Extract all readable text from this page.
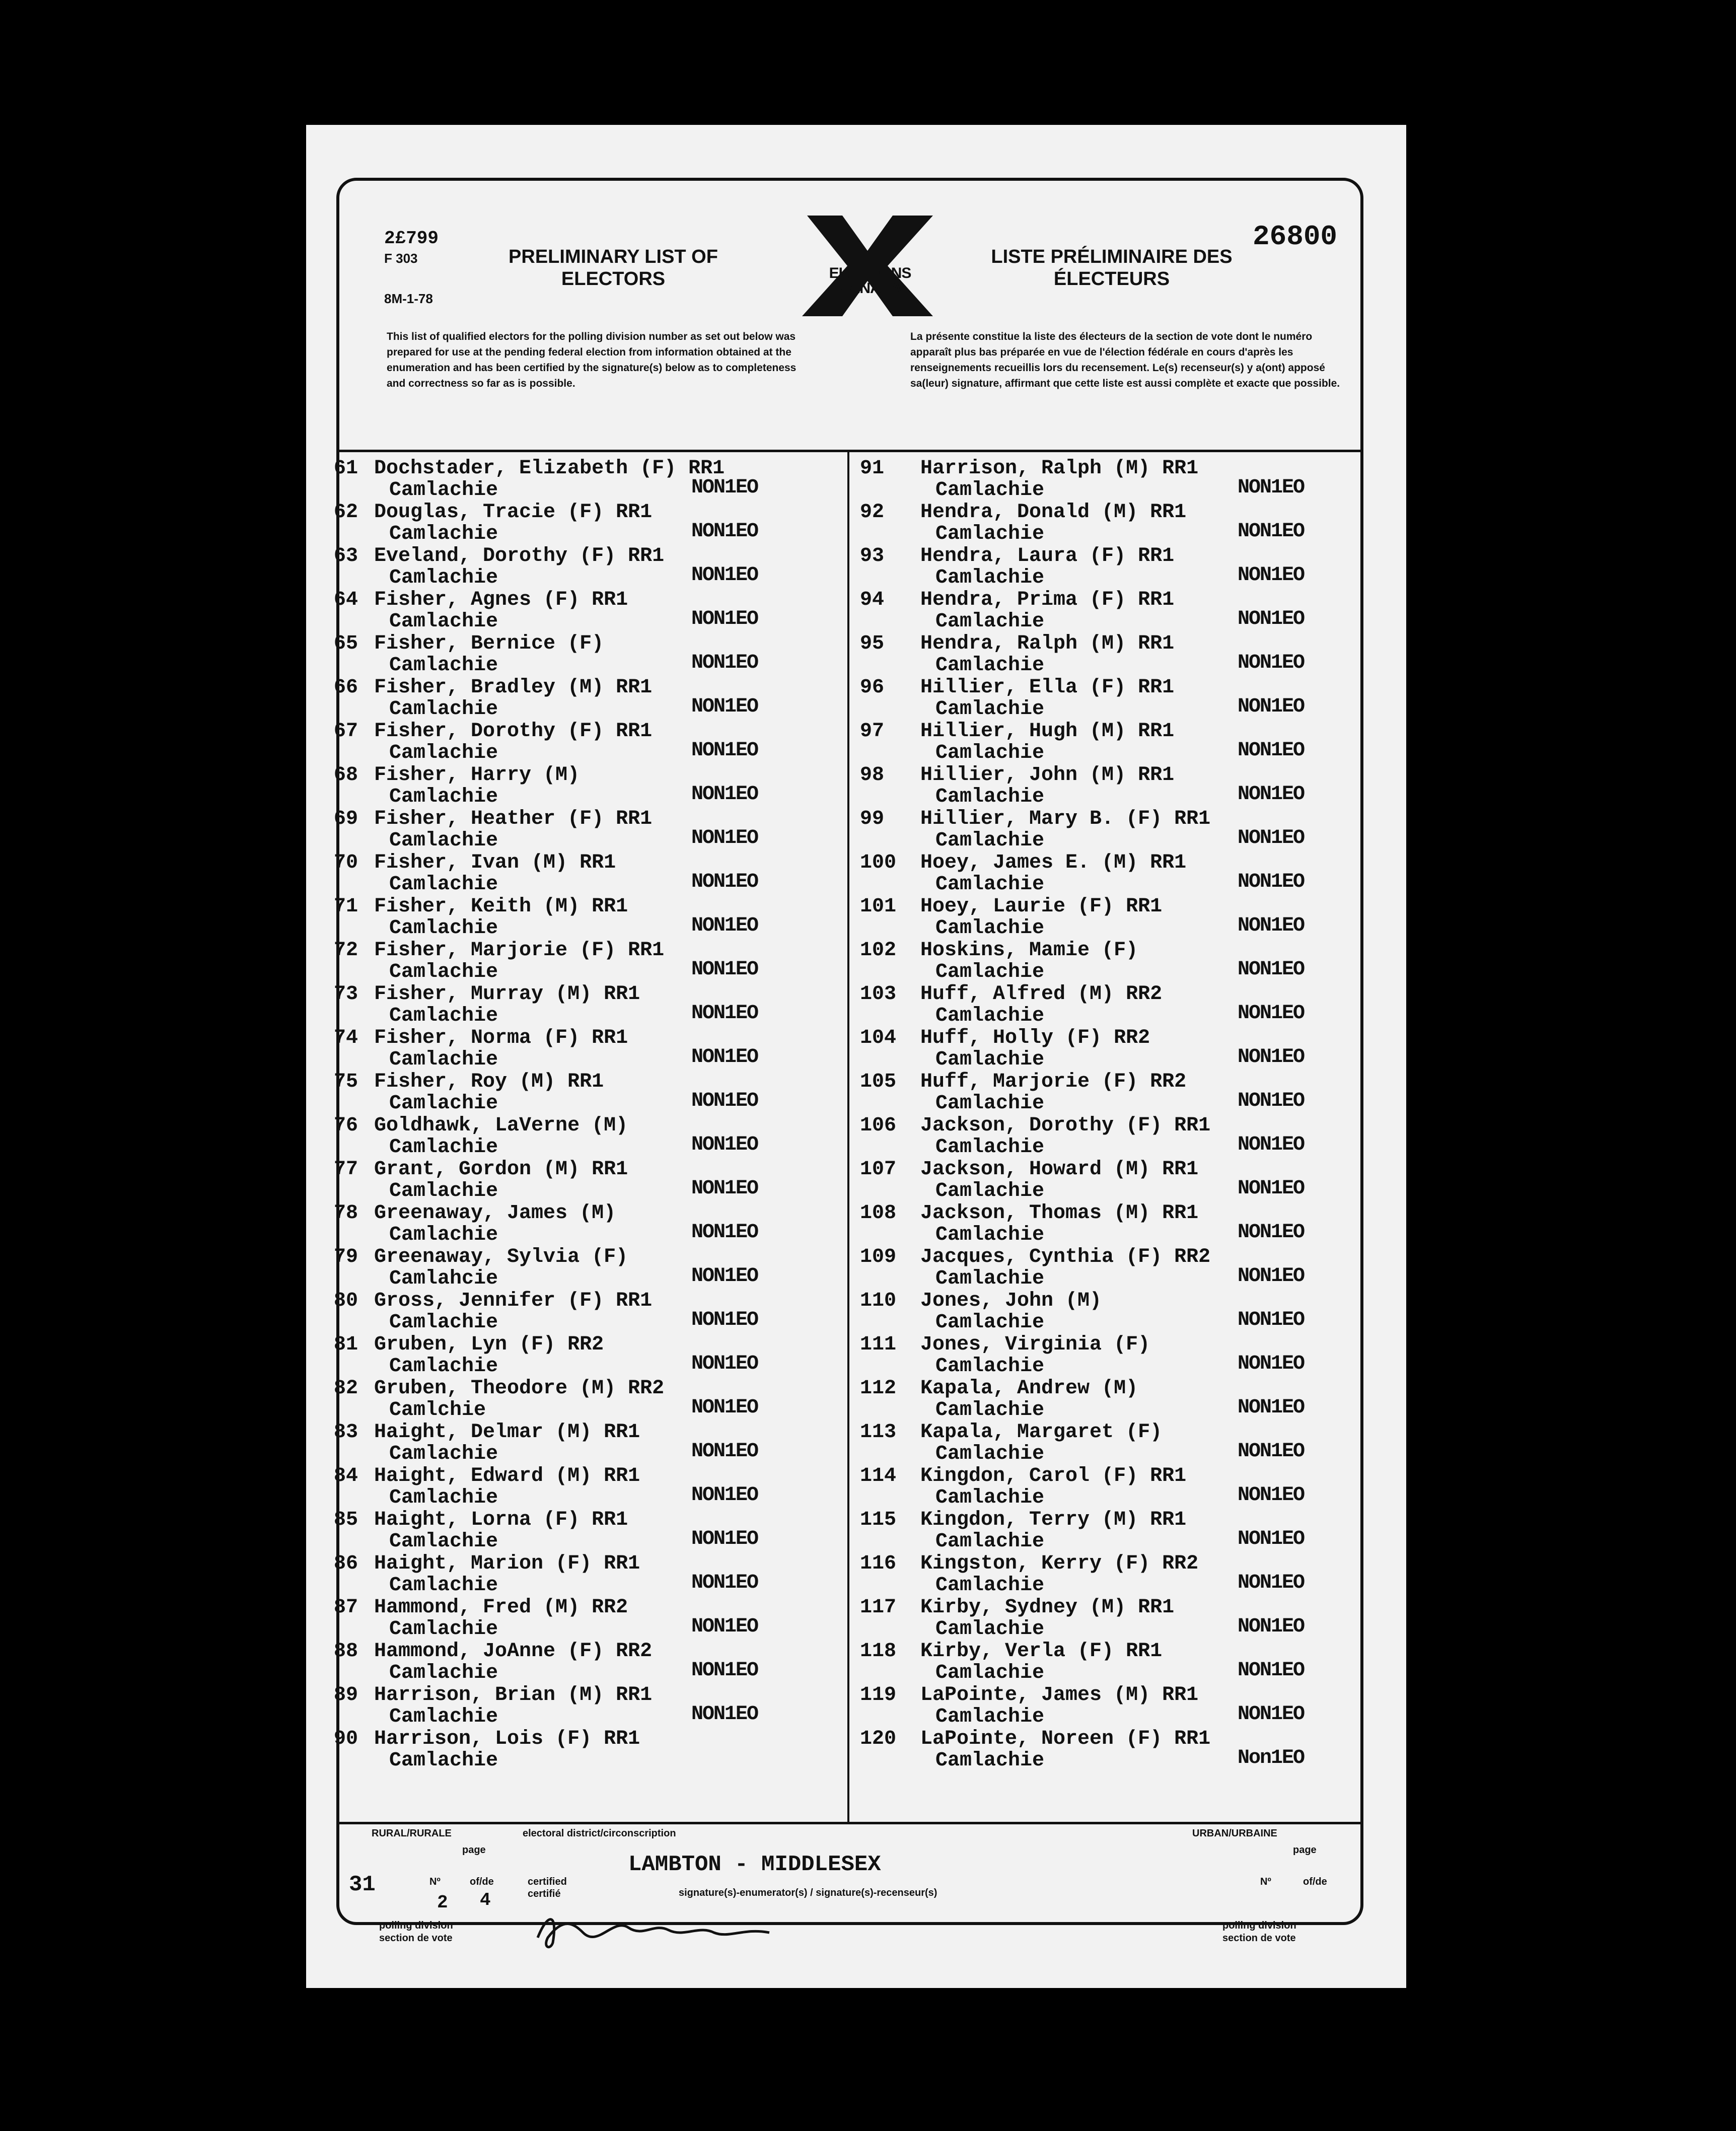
2£799
F 303
8M-1-78
PRELIMINARY LIST OF
ELECTORS	ELECTIONS
CANADA
LISTE PRÉLIMINAIRE DES
ÉLECTEURS
26800
This list of qualified electors for the polling division number as set out below was prepared for use at the pending federal election from information obtained at the enumeration and has been certified by the signature(s) below as to completeness and correctness so far as is possible.
La présente constitue la liste des électeurs de la section de vote dont le numéro apparaît plus bas préparée en vue de l'élection fédérale en cours d'après les renseignements recueillis lors du recensement. Le(s) recenseur(s) y a(ont) apposé sa(leur) signature, affirmant que cette liste est aussi complète et exacte que possible.
61 Dochstader, Elizabeth (F) RR1
Camlachie	NON1EO
62 Douglas, Tracie (F) RR1
Camlachie	NON1EO
63 Eveland, Dorothy (F) RR1
Camlachie	NON1EO
64 Fisher, Agnes (F) RR1
Camlachie	NON1EO
65 Fisher, Bernice (F)
Camlachie	NON1EO
66 Fisher, Bradley (M) RR1
Camlachie	NON1EO
67 Fisher, Dorothy (F) RR1
Camlachie	NON1EO
68 Fisher, Harry (M)
Camlachie	NON1EO
69 Fisher, Heather (F) RR1
Camlachie	NON1EO
70 Fisher, Ivan (M) RR1
Camlachie	NON1EO
71 Fisher, Keith (M) RR1
Camlachie	NON1EO
72 Fisher, Marjorie (F) RR1
Camlachie	NON1EO
73 Fisher, Murray (M) RR1
Camlachie	NON1EO
74 Fisher, Norma (F) RR1
Camlachie	NON1EO
75 Fisher, Roy (M) RR1
Camlachie	NON1EO
76 Goldhawk, LaVerne (M)
Camlachie	NON1EO
77 Grant, Gordon (M) RR1
Camlachie	NON1EO
78 Greenaway, James (M)
Camlachie	NON1EO
79 Greenaway, Sylvia (F)
Camlahcie	NON1EO
80 Gross, Jennifer (F) RR1
Camlachie	NON1EO
81 Gruben, Lyn (F) RR2
Camlachie	NON1EO
82 Gruben, Theodore (M) RR2
Camlchie	NON1EO
83 Haight, Delmar (M) RR1
Camlachie	NON1EO
84 Haight, Edward (M) RR1
Camlachie	NON1EO
85 Haight, Lorna (F) RR1
Camlachie	NON1EO
86 Haight, Marion (F) RR1
Camlachie	NON1EO
87 Hammond, Fred (M) RR2
Camlachie	NON1EO
88 Hammond, JoAnne (F) RR2
Camlachie	NON1EO
89 Harrison, Brian (M) RR1
Camlachie	NON1EO
90 Harrison, Lois (F) RR1
Camlachie
91 Harrison, Ralph (M) RR1
Camlachie	NON1EO
92 Hendra, Donald (M) RR1
Camlachie	NON1EO
93 Hendra, Laura (F) RR1
Camlachie	NON1EO
94 Hendra, Prima (F) RR1
Camlachie	NON1EO
95 Hendra, Ralph (M) RR1
Camlachie	NON1EO
96 Hillier, Ella (F) RR1
Camlachie	NON1EO
97 Hillier, Hugh (M) RR1
Camlachie	NON1EO
98 Hillier, John (M) RR1
Camlachie	NON1EO
99 Hillier, Mary B. (F) RR1
Camlachie	NON1EO
100 Hoey, James E. (M) RR1
Camlachie	NON1EO
101 Hoey, Laurie (F) RR1
Camlachie	NON1EO
102 Hoskins, Mamie (F)
Camlachie	NON1EO
103 Huff, Alfred (M) RR2
Camlachie	NON1EO
104 Huff, Holly (F) RR2
Camlachie	NON1EO
105 Huff, Marjorie (F) RR2
Camlachie	NON1EO
106 Jackson, Dorothy (F) RR1
Camlachie	NON1EO
107 Jackson, Howard (M) RR1
Camlachie	NON1EO
108 Jackson, Thomas (M) RR1
Camlachie	NON1EO
109 Jacques, Cynthia (F) RR2
Camlachie	NON1EO
110 Jones, John (M)
Camlachie	NON1EO
111 Jones, Virginia (F)
Camlachie	NON1EO
112 Kapala, Andrew (M)
Camlachie	NON1EO
113 Kapala, Margaret (F)
Camlachie	NON1EO
114 Kingdon, Carol (F) RR1
Camlachie	NON1EO
115 Kingdon, Terry (M) RR1
Camlachie	NON1EO
116 Kingston, Kerry (F) RR2
Camlachie	NON1EO
117 Kirby, Sydney (M) RR1
Camlachie	NON1EO
118 Kirby, Verla (F) RR1
Camlachie	NON1EO
119 LaPointe, James (M) RR1
Camlachie	NON1EO
120 LaPointe, Noreen (F) RR1
Camlachie	Non1EO
RURAL/RURALE	electoral district/circonscription	URBAN/URBAINE
LAMBTON - MIDDLESEX
page
31	Nº
2
of/de
4
certified
certifié	signature(s)-enumerator(s) / signature(s)-recenseur(s)
polling division
section de vote
page
Nº	of/de
polling division
section de vote
